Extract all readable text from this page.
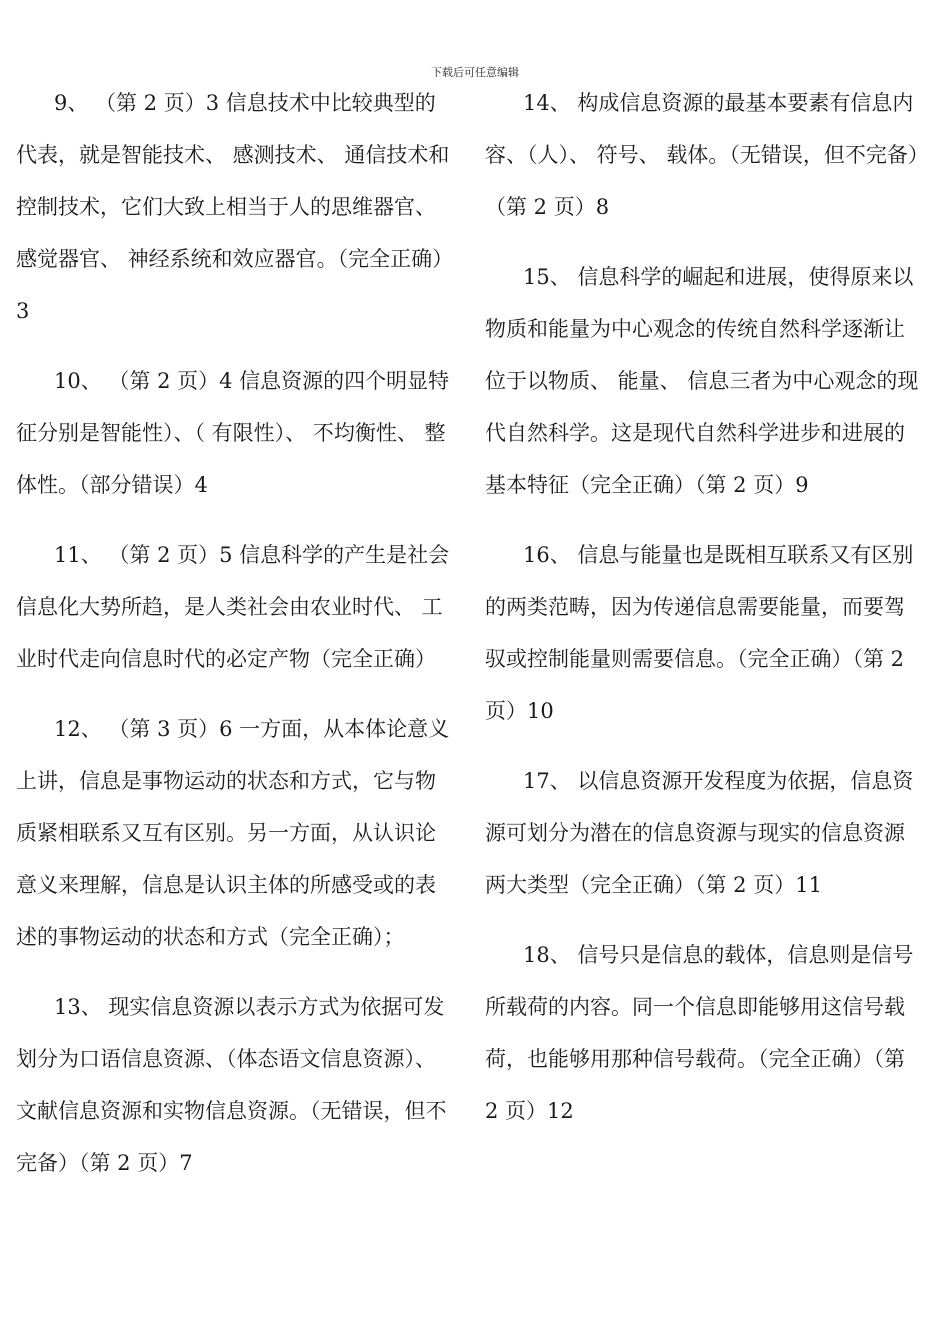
下载后可任意编辑

9、 （第 2 页）3 信息技术中比较典型的代表，就是智能技术、 感测技术、 通信技术和控制技术，它们大致上相当于人的思维器官、 感觉器官、 神经系统和效应器官。（完全正确）3

10、 （第 2 页）4 信息资源的四个明显特征分别是智能性）、（ 有限性）、 不均衡性、 整体性。（部分错误）4

11、 （第 2 页）5 信息科学的产生是社会信息化大势所趋，是人类社会由农业时代、 工业时代走向信息时代的必定产物（完全正确）

12、 （第 3 页）6 一方面，从本体论意义上讲，信息是事物运动的状态和方式，它与物质紧相联系又互有区别。另一方面，从认识论意义来理解，信息是认识主体的所感受或的表述的事物运动的状态和方式（完全正确）；

13、 现实信息资源以表示方式为依据可发划分为口语信息资源、（体态语文信息资源）、 文献信息资源和实物信息资源。（无错误，但不完备）（第 2 页）7

14、 构成信息资源的最基本要素有信息内容、（人）、 符号、 载体。（无错误，但不完备）（第 2 页）8

15、 信息科学的崛起和进展，使得原来以物质和能量为中心观念的传统自然科学逐渐让位于以物质、 能量、 信息三者为中心观念的现代自然科学。这是现代自然科学进步和进展的基本特征（完全正确）（第 2 页）9

16、 信息与能量也是既相互联系又有区别的两类范畴，因为传递信息需要能量，而要驾驭或控制能量则需要信息。（完全正确）（第 2 页）10

17、 以信息资源开发程度为依据，信息资源可划分为潜在的信息资源与现实的信息资源两大类型（完全正确）（第 2 页）11

18、 信号只是信息的载体，信息则是信号所载荷的内容。同一个信息即能够用这信号载荷，也能够用那种信号载荷。（完全正确）（第 2 页）12
